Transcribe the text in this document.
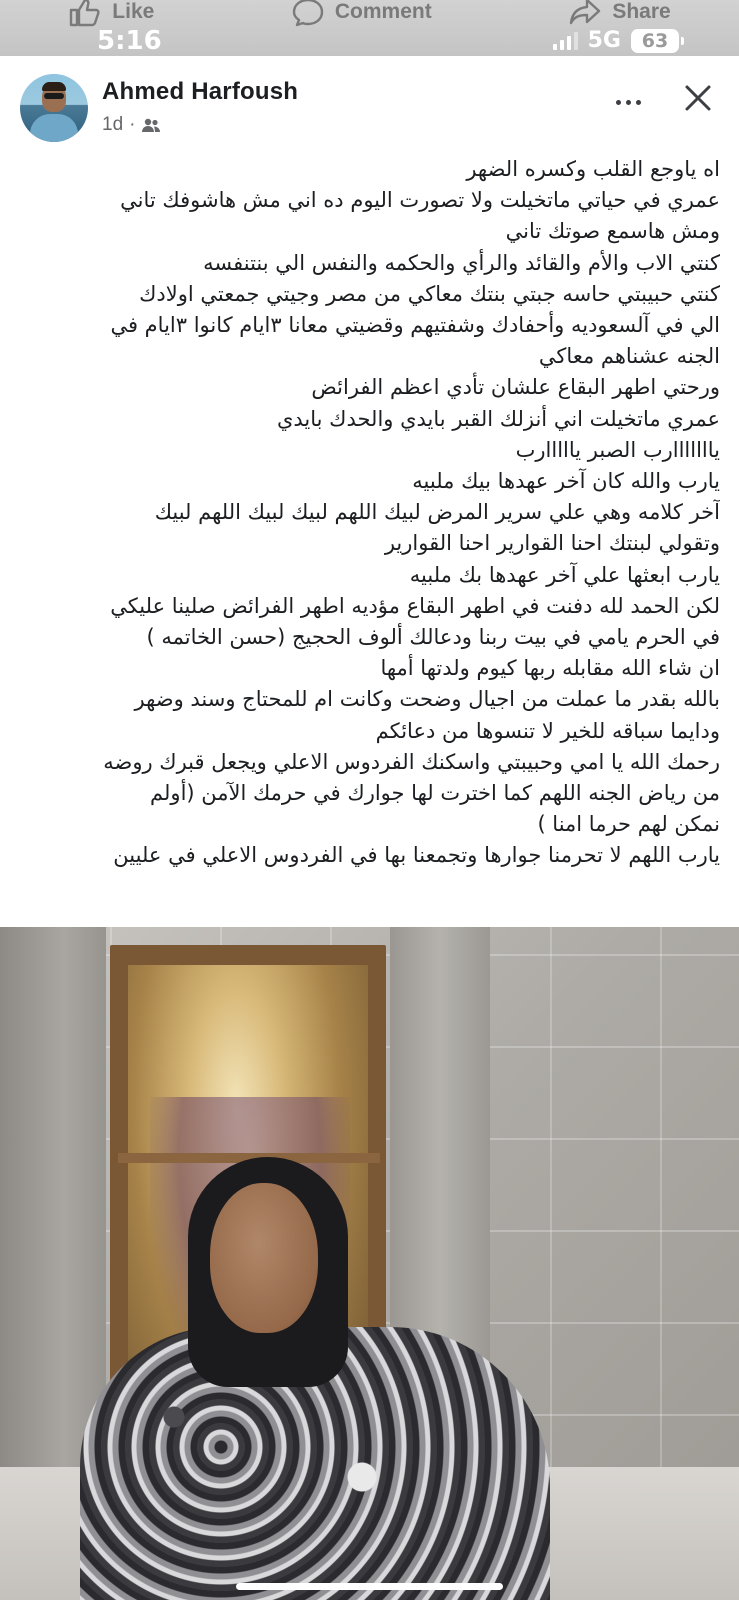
Like	Comment	Share
5:16	5G 63
Ahmed Harfoush
1d ·
اه ياوجع القلب وكسره الضهر
عمري في حياتي ماتخيلت ولا تصورت اليوم ده اني مش هاشوفك تاني
ومش هاسمع صوتك تاني
كنتي الاب والأم والقائد والرأي والحكمه والنفس الي بنتنفسه
كنتي حبيبتي حاسه جبتي بنتك معاكي من مصر وجيتي جمعتي اولادك
الي في آلسعوديه وأحفادك وشفتيهم وقضيتي معانا ٣ايام كانوا ٣ايام في
الجنه عشناهم معاكي
ورحتي اطهر البقاع علشان تأدي اعظم الفرائض
عمري ماتخيلت اني أنزلك القبر بايدي والحدك بايدي
يااااااارب الصبر يااااارب
يارب والله كان آخر عهدها بيك ملبيه
آخر كلامه وهي علي سرير المرض لبيك اللهم لبيك لبيك اللهم لبيك
وتقولي لبنتك احنا القوارير احنا القوارير
يارب ابعثها علي آخر عهدها بك ملبيه
لكن الحمد لله دفنت في اطهر البقاع مؤديه اطهر الفرائض صلينا عليكي
في الحرم يامي في بيت ربنا ودعالك ألوف الحجيج (حسن الخاتمه )
ان شاء الله مقابله ربها كيوم ولدتها أمها
بالله بقدر ما عملت من اجيال وضحت وكانت ام للمحتاج وسند وضهر
ودايما سباقه للخير لا تنسوها من دعائكم
رحمك الله يا امي وحبيبتي واسكنك الفردوس الاعلي ويجعل قبرك روضه
من رياض الجنه اللهم كما اخترت لها جوارك في حرمك الآمن (أولم
نمكن لهم حرما امنا )
يارب اللهم لا تحرمنا جوارها وتجمعنا بها في الفردوس الاعلي في عليين
